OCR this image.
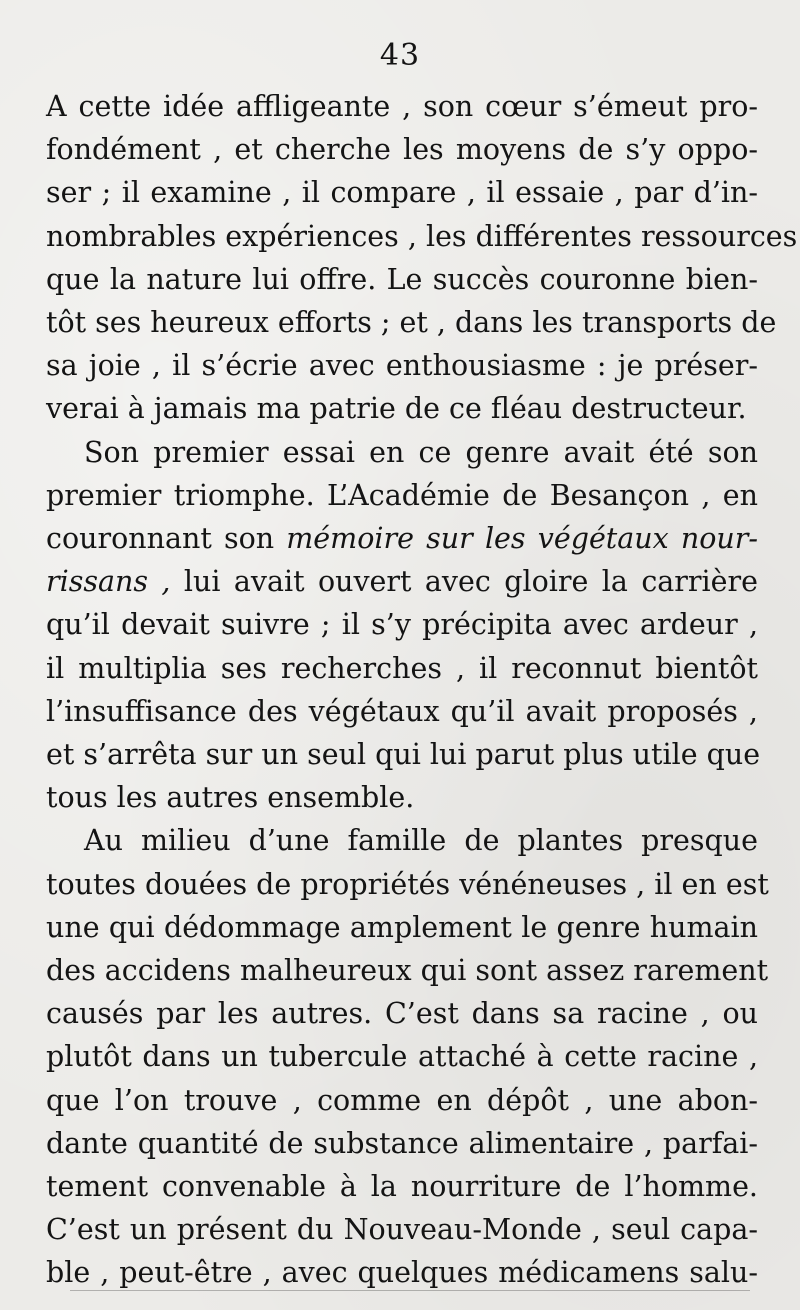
43
A cette idée affligeante , son cœur s’émeut pro-
fondément , et cherche les moyens de s’y oppo-
ser ; il examine , il compare , il essaie , par d’in-
nombrables expériences , les différentes ressources
que la nature lui offre. Le succès couronne bien-
tôt ses heureux efforts ; et , dans les transports de
sa joie , il s’écrie avec enthousiasme : je préser-
verai à jamais ma patrie de ce fléau destructeur.
Son premier essai en ce genre avait été son
premier triomphe. L’Académie de Besançon , en
couronnant son mémoire sur les végétaux nour-
rissans , lui avait ouvert avec gloire la carrière
qu’il devait suivre ; il s’y précipita avec ardeur ,
il multiplia ses recherches , il reconnut bientôt
l’insuffisance des végétaux qu’il avait proposés ,
et s’arrêta sur un seul qui lui parut plus utile que
tous les autres ensemble.
Au milieu d’une famille de plantes presque
toutes douées de propriétés vénéneuses , il en est
une qui dédommage amplement le genre humain
des accidens malheureux qui sont assez rarement
causés par les autres. C’est dans sa racine , ou
plutôt dans un tubercule attaché à cette racine ,
que l’on trouve , comme en dépôt , une abon-
dante quantité de substance alimentaire , parfai-
tement convenable à la nourriture de l’homme.
C’est un présent du Nouveau-Monde , seul capa-
ble , peut-être , avec quelques médicamens salu-
